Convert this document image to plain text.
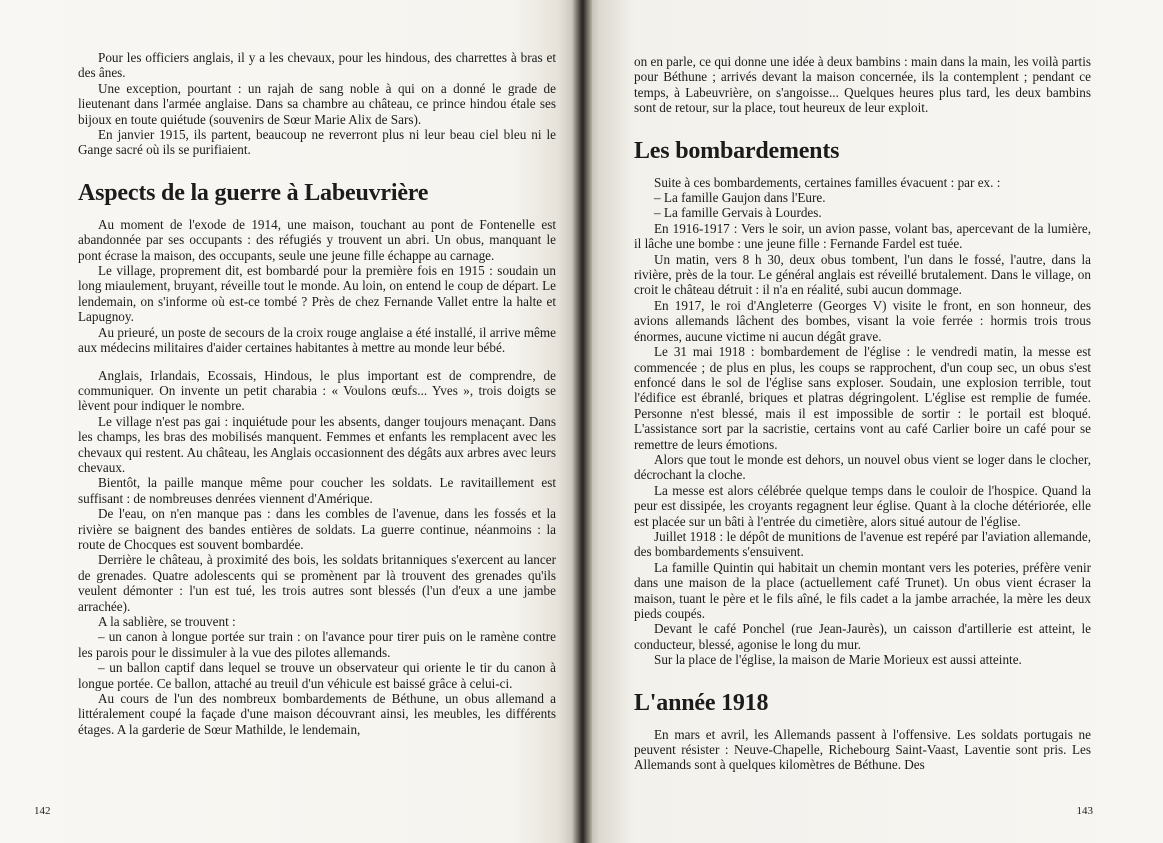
Pour les officiers anglais, il y a les chevaux, pour les hindous, des charrettes à bras et des ânes.

Une exception, pourtant : un rajah de sang noble à qui on a donné le grade de lieutenant dans l'armée anglaise. Dans sa chambre au château, ce prince hindou étale ses bijoux en toute quiétude (souvenirs de Sœur Marie Alix de Sars).

En janvier 1915, ils partent, beaucoup ne reverront plus ni leur beau ciel bleu ni le Gange sacré où ils se purifiaient.

Aspects de la guerre à Labeuvrière

Au moment de l'exode de 1914, une maison, touchant au pont de Fontenelle est abandonnée par ses occupants : des réfugiés y trouvent un abri. Un obus, manquant le pont écrase la maison, des occupants, seule une jeune fille échappe au carnage.

Le village, proprement dit, est bombardé pour la première fois en 1915 : soudain un long miaulement, bruyant, réveille tout le monde. Au loin, on entend le coup de départ. Le lendemain, on s'informe où est-ce tombé ? Près de chez Fernande Vallet entre la halte et Lapugnoy.

Au prieuré, un poste de secours de la croix rouge anglaise a été installé, il arrive même aux médecins militaires d'aider certaines habitantes à mettre au monde leur bébé.

Anglais, Irlandais, Ecossais, Hindous, le plus important est de comprendre, de communiquer. On invente un petit charabia : « Voulons œufs... Yves », trois doigts se lèvent pour indiquer le nombre.

Le village n'est pas gai : inquiétude pour les absents, danger toujours menaçant. Dans les champs, les bras des mobilisés manquent. Femmes et enfants les remplacent avec les chevaux qui restent. Au château, les Anglais occasionnent des dégâts aux arbres avec leurs chevaux.

Bientôt, la paille manque même pour coucher les soldats. Le ravitaillement est suffisant : de nombreuses denrées viennent d'Amérique.

De l'eau, on n'en manque pas : dans les combles de l'avenue, dans les fossés et la rivière se baignent des bandes entières de soldats. La guerre continue, néanmoins : la route de Chocques est souvent bombardée.

Derrière le château, à proximité des bois, les soldats britanniques s'exercent au lancer de grenades. Quatre adolescents qui se promènent par là trouvent des grenades qu'ils veulent démonter : l'un est tué, les trois autres sont blessés (l'un d'eux a une jambe arrachée).

A la sablière, se trouvent :

– un canon à longue portée sur train : on l'avance pour tirer puis on le ramène contre les parois pour le dissimuler à la vue des pilotes allemands.

– un ballon captif dans lequel se trouve un observateur qui oriente le tir du canon à longue portée. Ce ballon, attaché au treuil d'un véhicule est baissé grâce à celui-ci.

Au cours de l'un des nombreux bombardements de Béthune, un obus allemand a littéralement coupé la façade d'une maison découvrant ainsi, les meubles, les différents étages. A la garderie de Sœur Mathilde, le lendemain,

142

on en parle, ce qui donne une idée à deux bambins : main dans la main, les voilà partis pour Béthune ; arrivés devant la maison concernée, ils la contemplent ; pendant ce temps, à Labeuvrière, on s'angoisse... Quelques heures plus tard, les deux bambins sont de retour, sur la place, tout heureux de leur exploit.

Les bombardements

Suite à ces bombardements, certaines familles évacuent : par ex. :

– La famille Gaujon dans l'Eure.

– La famille Gervais à Lourdes.

En 1916-1917 : Vers le soir, un avion passe, volant bas, apercevant de la lumière, il lâche une bombe : une jeune fille : Fernande Fardel est tuée.

Un matin, vers 8 h 30, deux obus tombent, l'un dans le fossé, l'autre, dans la rivière, près de la tour. Le général anglais est réveillé brutalement. Dans le village, on croit le château détruit : il n'a en réalité, subi aucun dommage.

En 1917, le roi d'Angleterre (Georges V) visite le front, en son honneur, des avions allemands lâchent des bombes, visant la voie ferrée : hormis trois trous énormes, aucune victime ni aucun dégât grave.

Le 31 mai 1918 : bombardement de l'église : le vendredi matin, la messe est commencée ; de plus en plus, les coups se rapprochent, d'un coup sec, un obus s'est enfoncé dans le sol de l'église sans exploser. Soudain, une explosion terrible, tout l'édifice est ébranlé, briques et platras dégringolent. L'église est remplie de fumée. Personne n'est blessé, mais il est impossible de sortir : le portail est bloqué. L'assistance sort par la sacristie, certains vont au café Carlier boire un café pour se remettre de leurs émotions.

Alors que tout le monde est dehors, un nouvel obus vient se loger dans le clocher, décrochant la cloche.

La messe est alors célébrée quelque temps dans le couloir de l'hospice. Quand la peur est dissipée, les croyants regagnent leur église. Quant à la cloche détériorée, elle est placée sur un bâti à l'entrée du cimetière, alors situé autour de l'église.

Juillet 1918 : le dépôt de munitions de l'avenue est repéré par l'aviation allemande, des bombardements s'ensuivent.

La famille Quintin qui habitait un chemin montant vers les poteries, préfère venir dans une maison de la place (actuellement café Trunet). Un obus vient écraser la maison, tuant le père et le fils aîné, le fils cadet a la jambe arrachée, la mère les deux pieds coupés.

Devant le café Ponchel (rue Jean-Jaurès), un caisson d'artillerie est atteint, le conducteur, blessé, agonise le long du mur.

Sur la place de l'église, la maison de Marie Morieux est aussi atteinte.

L'année 1918

En mars et avril, les Allemands passent à l'offensive. Les soldats portugais ne peuvent résister : Neuve-Chapelle, Richebourg Saint-Vaast, Laventie sont pris. Les Allemands sont à quelques kilomètres de Béthune. Des

143
